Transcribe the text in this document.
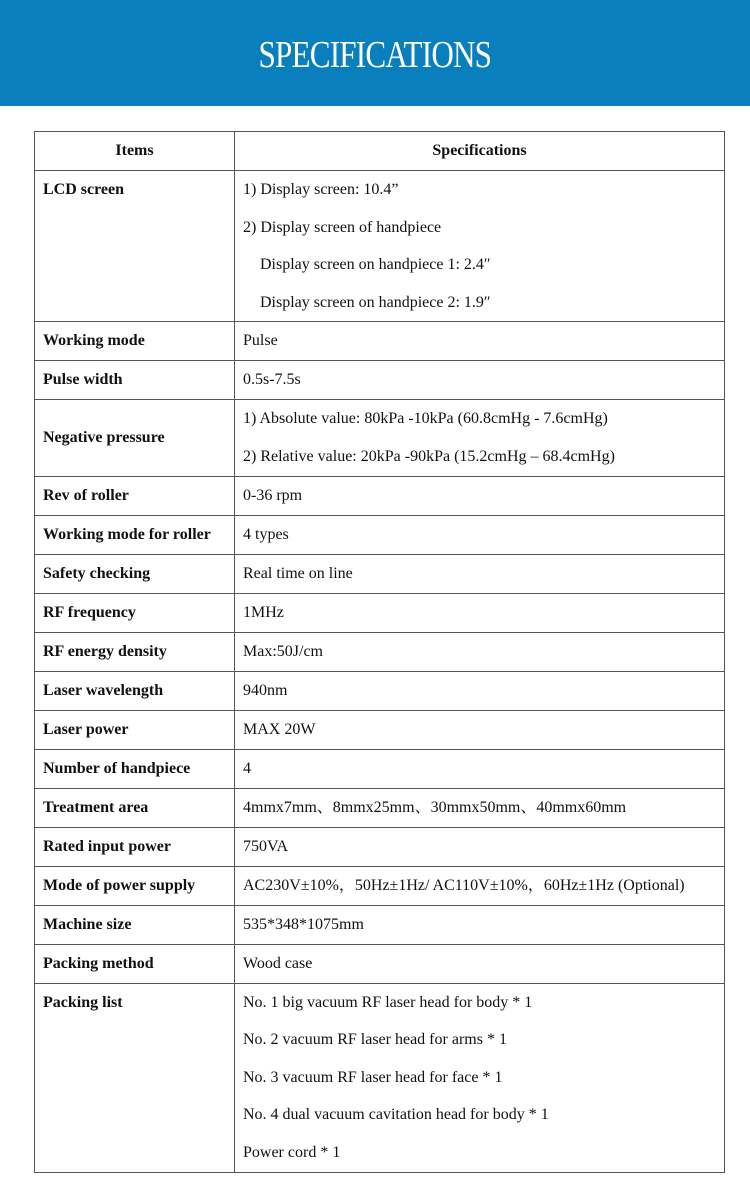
SPECIFICATIONS
Items	Specifications
LCD screen	1) Display screen: 10.4”
2) Display screen of handpiece
Display screen on handpiece 1: 2.4″
Display screen on handpiece 2: 1.9″

Working mode	Pulse
Pulse width	0.5s-7.5s
Negative pressure	1) Absolute value: 80kPa -10kPa (60.8cmHg - 7.6cmHg)
2) Relative value: 20kPa -90kPa (15.2cmHg – 68.4cmHg)

Rev of roller	0-36 rpm
Working mode for roller	4 types
Safety checking	Real time on line
RF frequency	1MHz
RF energy density	Max:50J/cm
Laser wavelength	940nm
Laser power	MAX 20W
Number of handpiece	4
Treatment area	4mmx7mm、8mmx25mm、30mmx50mm、40mmx60mm
Rated input power	750VA
Mode of power supply	AC230V±10%，50Hz±1Hz/ AC110V±10%，60Hz±1Hz (Optional)
Machine size	535*348*1075mm
Packing method	Wood case
Packing list	No. 1 big vacuum RF laser head for body * 1
No. 2 vacuum RF laser head for arms * 1
No. 3 vacuum RF laser head for face * 1
No. 4 dual vacuum cavitation head for body * 1
Power cord * 1
